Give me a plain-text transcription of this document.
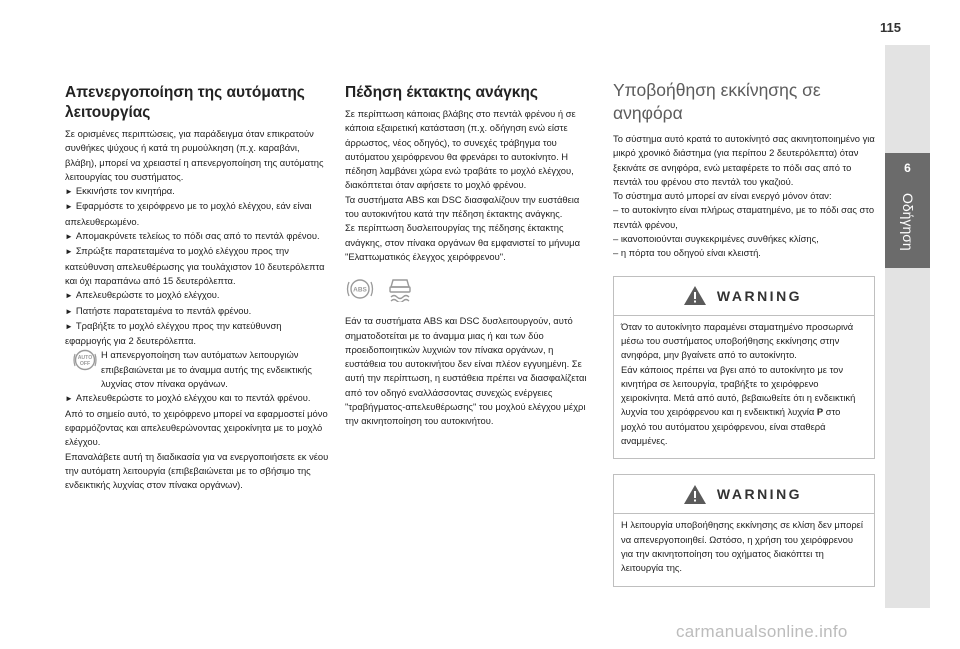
115
6
Οδήγηση
Απενεργοποίηση της αυτόματης λειτουργίας

Σε ορισμένες περιπτώσεις, για παράδειγμα όταν επικρατούν συνθήκες ψύχους ή κατά τη ρυμούλκηση (π.χ. καραβάνι, βλάβη), μπορεί να χρειαστεί η απενεργοποίηση της αυτόματης λειτουργίας του συστήματος.

► Εκκινήστε τον κινητήρα.

► Εφαρμόστε το χειρόφρενο με το μοχλό ελέγχου, εάν είναι απελευθερωμένο.

► Απομακρύνετε τελείως το πόδι σας από το πεντάλ φρένου.

► Σπρώξτε παρατεταμένα το μοχλό ελέγχου προς την κατεύθυνση απελευθέρωσης για τουλάχιστον 10 δευτερόλεπτα και όχι παραπάνω από 15 δευτερόλεπτα.

► Απελευθερώστε το μοχλό ελέγχου.

► Πατήστε παρατεταμένα το πεντάλ φρένου.

► Τραβήξτε το μοχλό ελέγχου προς την κατεύθυνση εφαρμογής για 2 δευτερόλεπτα.

AUTO
OFF
Η απενεργοποίηση των αυτόματων λειτουργιών επιβεβαιώνεται με το άναμμα αυτής της ενδεικτικής λυχνίας στον πίνακα οργάνων.

► Απελευθερώστε το μοχλό ελέγχου και το πεντάλ φρένου.

Από το σημείο αυτό, το χειρόφρενο μπορεί να εφαρμοστεί μόνο εφαρμόζοντας και απελευθερώνοντας χειροκίνητα με το μοχλό ελέγχου.

Επαναλάβετε αυτή τη διαδικασία για να ενεργοποιήσετε εκ νέου την αυτόματη λειτουργία (επιβεβαιώνεται με το σβήσιμο της ενδεικτικής λυχνίας στον πίνακα οργάνων).

Πέδηση έκτακτης ανάγκης

Σε περίπτωση κάποιας βλάβης στο πεντάλ φρένου ή σε κάποια εξαιρετική κατάσταση (π.χ. οδήγηση ενώ είστε άρρωστος, νέος οδηγός), το συνεχές τράβηγμα του αυτόματου χειρόφρενου θα φρενάρει το αυτοκίνητο. Η πέδηση λαμβάνει χώρα ενώ τραβάτε το μοχλό ελέγχου, διακόπτεται όταν αφήσετε το μοχλό φρένου.

Τα συστήματα ABS και DSC διασφαλίζουν την ευστάθεια του αυτοκινήτου κατά την πέδηση έκτακτης ανάγκης.

Σε περίπτωση δυσλειτουργίας της πέδησης έκτακτης ανάγκης, στον πίνακα οργάνων θα εμφανιστεί το μήνυμα "Ελαττωματικός έλεγχος χειρόφρενου".

ABS

Εάν τα συστήματα ABS και DSC δυσλειτουργούν, αυτό σηματοδοτείται με το άναμμα μιας ή και των δύο προειδοποιητικών λυχνιών τον πίνακα οργάνων, η ευστάθεια του αυτοκινήτου δεν είναι πλέον εγγυημένη. Σε αυτή την περίπτωση, η ευστάθεια πρέπει να διασφαλίζεται από τον οδηγό εναλλάσσοντας συνεχώς ενέργειες "τραβήγματος-απελευθέρωσης" του μοχλού ελέγχου μέχρι την ακινητοποίηση του αυτοκινήτου.

Υποβοήθηση εκκίνησης σε ανηφόρα

Το σύστημα αυτό κρατά το αυτοκίνητό σας ακινητοποιημένο για μικρό χρονικό διάστημα (για περίπου 2 δευτερόλεπτα) όταν ξεκινάτε σε ανηφόρα, ενώ μεταφέρετε το πόδι σας από το πεντάλ του φρένου στο πεντάλ του γκαζιού.

Το σύστημα αυτό μπορεί αν είναι ενεργό μόνον όταν:

– το αυτοκίνητο είναι πλήρως σταματημένο, με το πόδι σας στο πεντάλ φρένου,

– ικανοποιούνται συγκεκριμένες συνθήκες κλίσης,

– η πόρτα του οδηγού είναι κλειστή.

WARNING

Όταν το αυτοκίνητο παραμένει σταματημένο προσωρινά μέσω του συστήματος υποβοήθησης εκκίνησης στην ανηφόρα, μην βγαίνετε από το αυτοκίνητο.

Εάν κάποιος πρέπει να βγει από το αυτοκίνητο με τον κινητήρα σε λειτουργία, τραβήξτε το χειρόφρενο χειροκίνητα. Μετά από αυτό, βεβαιωθείτε ότι η ενδεικτική λυχνία του χειρόφρενου και η ενδεικτική λυχνία P στο μοχλό του αυτόματου χειρόφρενου, είναι σταθερά αναμμένες.

WARNING

Η λειτουργία υποβοήθησης εκκίνησης σε κλίση δεν μπορεί να απενεργοποιηθεί. Ωστόσο, η χρήση του χειρόφρενου για την ακινητοποίηση του οχήματος διακόπτει τη λειτουργία της.

carmanualsonline.info
